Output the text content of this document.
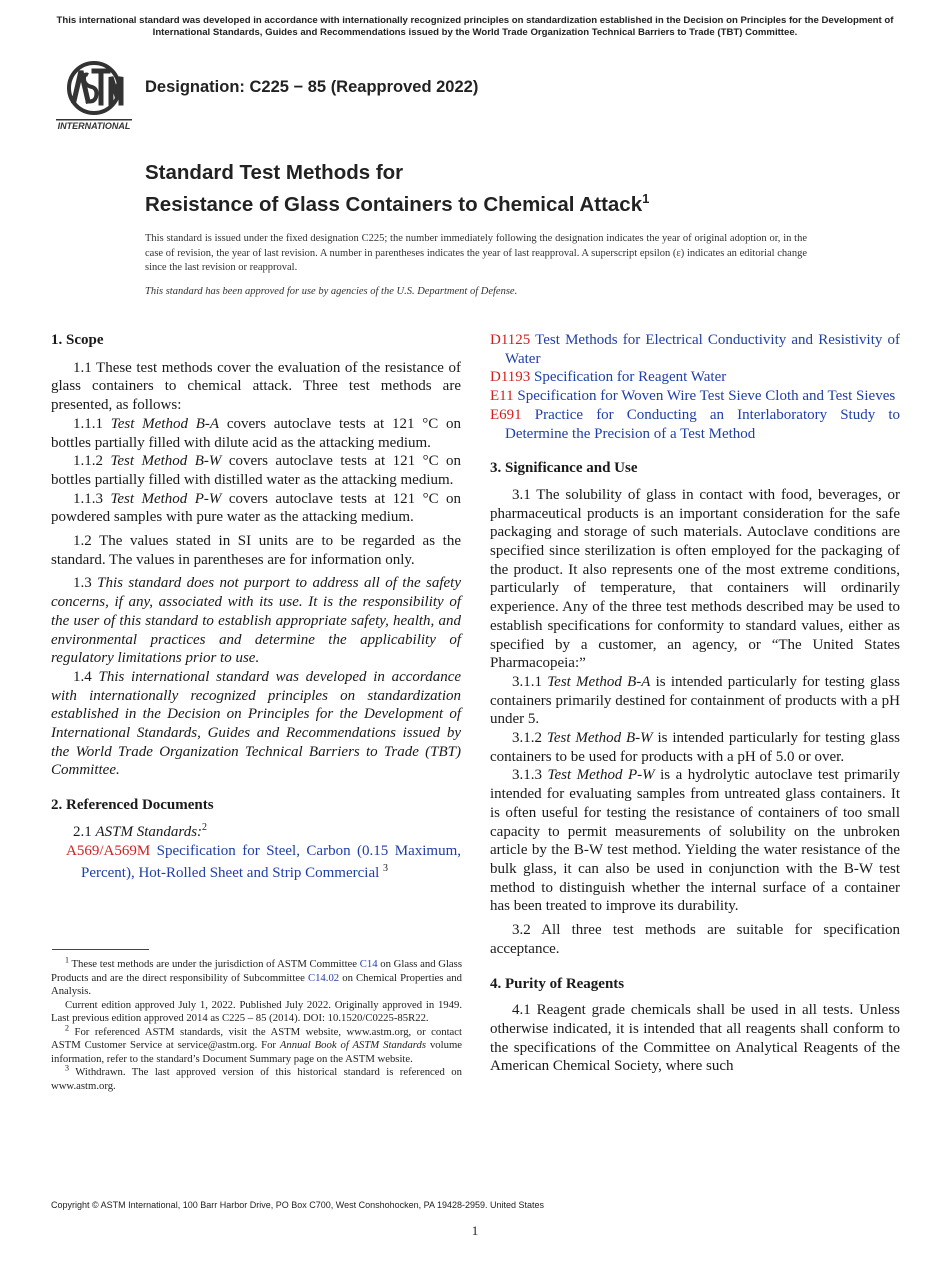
This international standard was developed in accordance with internationally recognized principles on standardization established in the Decision on Principles for the Development of International Standards, Guides and Recommendations issued by the World Trade Organization Technical Barriers to Trade (TBT) Committee.
INTERNATIONAL
Designation: C225 − 85 (Reapproved 2022)
Standard Test Methods for
Resistance of Glass Containers to Chemical Attack$^1$
This standard is issued under the fixed designation C225; the number immediately following the designation indicates the year of original adoption or, in the case of revision, the year of last revision. A number in parentheses indicates the year of last reapproval. A superscript epsilon (ε) indicates an editorial change since the last revision or reapproval.
This standard has been approved for use by agencies of the U.S. Department of Defense.
1. Scope

1.1 These test methods cover the evaluation of the resistance of glass containers to chemical attack. Three test methods are presented, as follows:

1.1.1 Test Method B-A covers autoclave tests at 121 °C on bottles partially filled with dilute acid as the attacking medium.

1.1.2 Test Method B-W covers autoclave tests at 121 °C on bottles partially filled with distilled water as the attacking medium.

1.1.3 Test Method P-W covers autoclave tests at 121 °C on powdered samples with pure water as the attacking medium.

1.2 The values stated in SI units are to be regarded as the standard. The values in parentheses are for information only.

1.3 This standard does not purport to address all of the safety concerns, if any, associated with its use. It is the responsibility of the user of this standard to establish appropriate safety, health, and environmental practices and determine the applicability of regulatory limitations prior to use.

1.4 This international standard was developed in accordance with internationally recognized principles on standardization established in the Decision on Principles for the Development of International Standards, Guides and Recommendations issued by the World Trade Organization Technical Barriers to Trade (TBT) Committee.

2. Referenced Documents

2.1 ASTM Standards:$^2$

A569/A569M Specification for Steel, Carbon (0.15 Maximum, Percent), Hot-Rolled Sheet and Strip Commercial $^3$

$^1$ These test methods are under the jurisdiction of ASTM Committee C14 on Glass and Glass Products and are the direct responsibility of Subcommittee C14.02 on Chemical Properties and Analysis.

Current edition approved July 1, 2022. Published July 2022. Originally approved in 1949. Last previous edition approved 2014 as C225 – 85 (2014). DOI: 10.1520/C0225-85R22.

$^2$ For referenced ASTM standards, visit the ASTM website, www.astm.org, or contact ASTM Customer Service at service@astm.org. For Annual Book of ASTM Standards volume information, refer to the standard’s Document Summary page on the ASTM website.

$^3$ Withdrawn. The last approved version of this historical standard is referenced on www.astm.org.

D1125 Test Methods for Electrical Conductivity and Resistivity of Water

D1193 Specification for Reagent Water

E11 Specification for Woven Wire Test Sieve Cloth and Test Sieves

E691 Practice for Conducting an Interlaboratory Study to Determine the Precision of a Test Method

3. Significance and Use

3.1 The solubility of glass in contact with food, beverages, or pharmaceutical products is an important consideration for the safe packaging and storage of such materials. Autoclave conditions are specified since sterilization is often employed for the packaging of the product. It also represents one of the most extreme conditions, particularly of temperature, that containers will ordinarily experience. Any of the three test methods described may be used to establish specifications for conformity to standard values, either as specified by a customer, an agency, or “The United States Pharmacopeia:”

3.1.1 Test Method B-A is intended particularly for testing glass containers primarily destined for containment of products with a pH under 5.

3.1.2 Test Method B-W is intended particularly for testing glass containers to be used for products with a pH of 5.0 or over.

3.1.3 Test Method P-W is a hydrolytic autoclave test primarily intended for evaluating samples from untreated glass containers. It is often useful for testing the resistance of containers of too small capacity to permit measurements of solubility on the unbroken article by the B-W test method. Yielding the water resistance of the bulk glass, it can also be used in conjunction with the B-W test method to distinguish whether the internal surface of a container has been treated to improve its durability.

3.2 All three test methods are suitable for specification acceptance.

4. Purity of Reagents

4.1 Reagent grade chemicals shall be used in all tests. Unless otherwise indicated, it is intended that all reagents shall conform to the specifications of the Committee on Analytical Reagents of the American Chemical Society, where such

Copyright © ASTM International, 100 Barr Harbor Drive, PO Box C700, West Conshohocken, PA 19428-2959. United States
1
